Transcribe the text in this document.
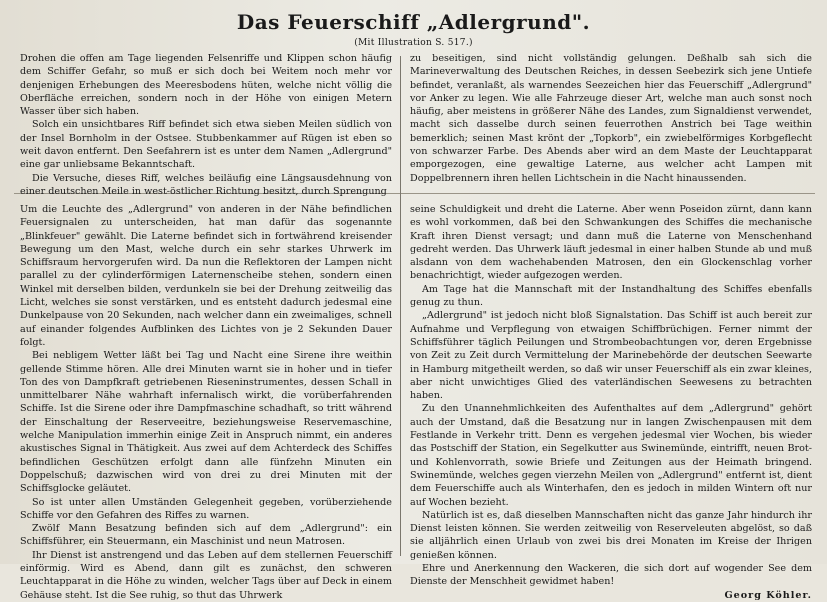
Das Feuerschiff „Adlergrund".
(Mit Illustration S. 517.)

Drohen die offen am Tage liegenden Felsenriffe und Klippen schon häufig dem Schiffer Gefahr, so muß er sich doch bei Weitem noch mehr vor denjenigen Erhebungen des Meeresbodens hüten, welche nicht völlig die Oberfläche erreichen, sondern noch in der Höhe von einigen Metern Wasser über sich haben.

Solch ein unsichtbares Riff befindet sich etwa sieben Meilen südlich von der Insel Bornholm in der Ostsee. Stubbenkammer auf Rügen ist eben so weit davon entfernt. Den Seefahrern ist es unter dem Namen „Adlergrund" eine gar unliebsame Bekanntschaft.

Die Versuche, dieses Riff, welches beiläufig eine Längsausdehnung von einer deutschen Meile in west-östlicher Richtung besitzt, durch Sprengung

zu beseitigen, sind nicht vollständig gelungen. Deßhalb sah sich die Marineverwaltung des Deutschen Reiches, in dessen Seebezirk sich jene Untiefe befindet, veranlaßt, als warnendes Seezeichen hier das Feuerschiff „Adlergrund" vor Anker zu legen. Wie alle Fahrzeuge dieser Art, welche man auch sonst noch häufig, aber meistens in größerer Nähe des Landes, zum Signaldienst verwendet, macht sich dasselbe durch seinen feuerrothen Anstrich bei Tage weithin bemerklich; seinen Mast krönt der „Topkorb", ein zwiebelförmiges Korbgeflecht von schwarzer Farbe. Des Abends aber wird an dem Maste der Leuchtapparat emporgezogen, eine gewaltige Laterne, aus welcher acht Lampen mit Doppelbrennern ihren hellen Lichtschein in die Nacht hinaussenden.

Um die Leuchte des „Adlergrund" von anderen in der Nähe befindlichen Feuersignalen zu unterscheiden, hat man dafür das sogenannte „Blinkfeuer" gewählt. Die Laterne befindet sich in fortwährend kreisender Bewegung um den Mast, welche durch ein sehr starkes Uhrwerk im Schiffsraum hervorgerufen wird. Da nun die Reflektoren der Lampen nicht parallel zu der cylinderförmigen Laternenscheibe stehen, sondern einen Winkel mit derselben bilden, verdunkeln sie bei der Drehung zeitweilig das Licht, welches sie sonst verstärken, und es entsteht dadurch jedesmal eine Dunkelpause von 20 Sekunden, nach welcher dann ein zweimaliges, schnell auf einander folgendes Aufblinken des Lichtes von je 2 Sekunden Dauer folgt.

Bei nebligem Wetter läßt bei Tag und Nacht eine Sirene ihre weithin gellende Stimme hören. Alle drei Minuten warnt sie in hoher und in tiefer Ton des von Dampfkraft getriebenen Rieseninstrumentes, dessen Schall in unmittelbarer Nähe wahrhaft infernalisch wirkt, die vorüberfahrenden Schiffe. Ist die Sirene oder ihre Dampfmaschine schadhaft, so tritt während der Einschaltung der Reserveeitre, beziehungsweise Reservemaschine, welche Manipulation immerhin einige Zeit in Anspruch nimmt, ein anderes akustisches Signal in Thätigkeit. Aus zwei auf dem Achterdeck des Schiffes befindlichen Geschützen erfolgt dann alle fünfzehn Minuten ein Doppelschuß; dazwischen wird von drei zu drei Minuten mit der Schiffsglocke geläutet.

So ist unter allen Umständen Gelegenheit gegeben, vorüberziehende Schiffe vor den Gefahren des Riffes zu warnen.

Zwölf Mann Besatzung befinden sich auf dem „Adlergrund": ein Schiffsführer, ein Steuermann, ein Maschinist und neun Matrosen.

Ihr Dienst ist anstrengend und das Leben auf dem stellernen Feuerschiff einförmig. Wird es Abend, dann gilt es zunächst, den schweren Leuchtapparat in die Höhe zu winden, welcher Tags über auf Deck in einem Gehäuse steht. Ist die See ruhig, so thut das Uhrwerk

seine Schuldigkeit und dreht die Laterne. Aber wenn Poseidon zürnt, dann kann es wohl vorkommen, daß bei den Schwankungen des Schiffes die mechanische Kraft ihren Dienst versagt; und dann muß die Laterne von Menschenhand gedreht werden. Das Uhrwerk läuft jedesmal in einer halben Stunde ab und muß alsdann von dem wachehabenden Matrosen, den ein Glockenschlag vorher benachrichtigt, wieder aufgezogen werden.

Am Tage hat die Mannschaft mit der Instandhaltung des Schiffes ebenfalls genug zu thun.

„Adlergrund" ist jedoch nicht bloß Signalstation. Das Schiff ist auch bereit zur Aufnahme und Verpflegung von etwaigen Schiffbrüchigen. Ferner nimmt der Schiffsführer täglich Peilungen und Strombeobachtungen vor, deren Ergebnisse von Zeit zu Zeit durch Vermittelung der Marinebehörde der deutschen Seewarte in Hamburg mitgetheilt werden, so daß wir unser Feuerschiff als ein zwar kleines, aber nicht unwichtiges Glied des vaterländischen Seewesens zu betrachten haben.

Zu den Unannehmlichkeiten des Aufenthaltes auf dem „Adlergrund" gehört auch der Umstand, daß die Besatzung nur in langen Zwischenpausen mit dem Festlande in Verkehr tritt. Denn es vergehen jedesmal vier Wochen, bis wieder das Postschiff der Station, ein Segelkutter aus Swinemünde, eintrifft, neuen Brot- und Kohlenvorrath, sowie Briefe und Zeitungen aus der Heimath bringend. Swinemünde, welches gegen vierzehn Meilen von „Adlergrund" entfernt ist, dient dem Feuerschiffe auch als Winterhafen, den es jedoch in milden Wintern oft nur auf Wochen bezieht.

Natürlich ist es, daß dieselben Mannschaften nicht das ganze Jahr hindurch ihr Dienst leisten können. Sie werden zeitweilig von Reserveleuten abgelöst, so daß sie alljährlich einen Urlaub von zwei bis drei Monaten im Kreise der Ihrigen genießen können.

Ehre und Anerkennung den Wackeren, die sich dort auf wogender See dem Dienste der Menschheit gewidmet haben!

Georg Köhler.
